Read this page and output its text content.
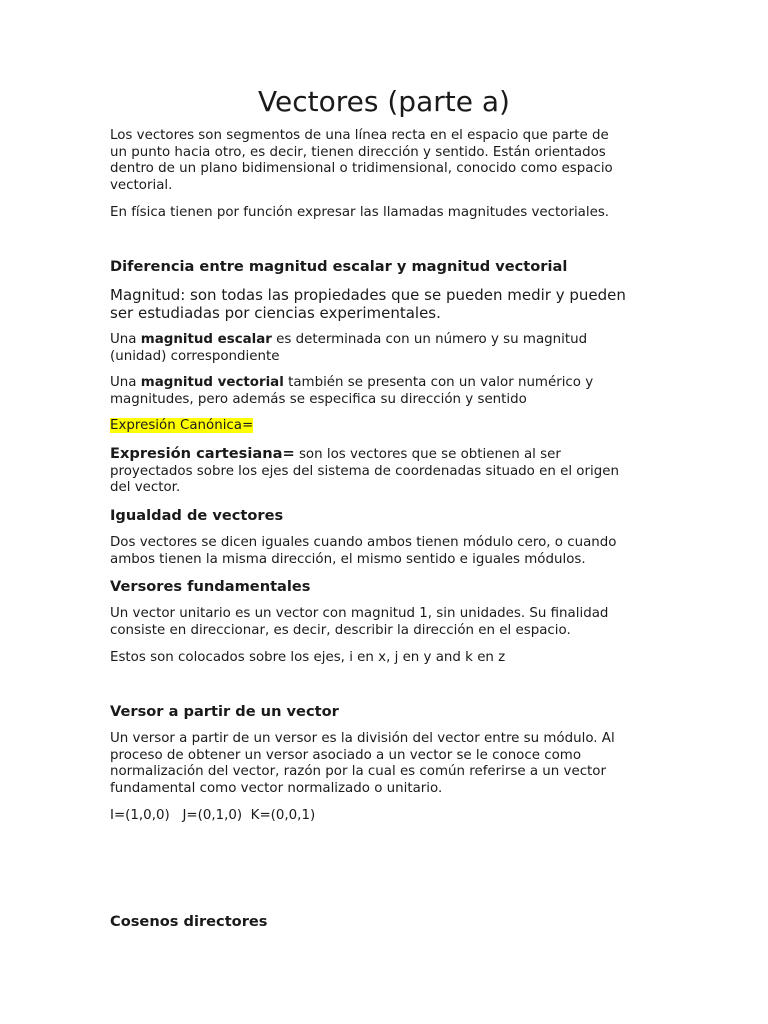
Vectores (parte a)
Los vectores son segmentos de una línea recta en el espacio que parte de
un punto hacia otro, es decir, tienen dirección y sentido. Están orientados
dentro de un plano bidimensional o tridimensional, conocido como espacio
vectorial.
En física tienen por función expresar las llamadas magnitudes vectoriales.
Diferencia entre magnitud escalar y magnitud vectorial
Magnitud: son todas las propiedades que se pueden medir y pueden
ser estudiadas por ciencias experimentales.
Una magnitud escalar es determinada con un número y su magnitud
(unidad) correspondiente
Una magnitud vectorial también se presenta con un valor numérico y
magnitudes, pero además se especifica su dirección y sentido
Expresión Canónica=
Expresión cartesiana= son los vectores que se obtienen al ser
proyectados sobre los ejes del sistema de coordenadas situado en el origen
del vector.
Igualdad de vectores
Dos vectores se dicen iguales cuando ambos tienen módulo cero, o cuando
ambos tienen la misma dirección, el mismo sentido e iguales módulos.
Versores fundamentales
Un vector unitario es un vector con magnitud 1, sin unidades. Su finalidad
consiste en direccionar, es decir, describir la dirección en el espacio.
Estos son colocados sobre los ejes, i en x, j en y and k en z
Versor a partir de un vector
Un versor a partir de un versor es la división del vector entre su módulo. Al
proceso de obtener un versor asociado a un vector se le conoce como
normalización del vector, razón por la cual es común referirse a un vector
fundamental como vector normalizado o unitario.
I=(1,0,0)   J=(0,1,0)  K=(0,0,1)
Cosenos directores
